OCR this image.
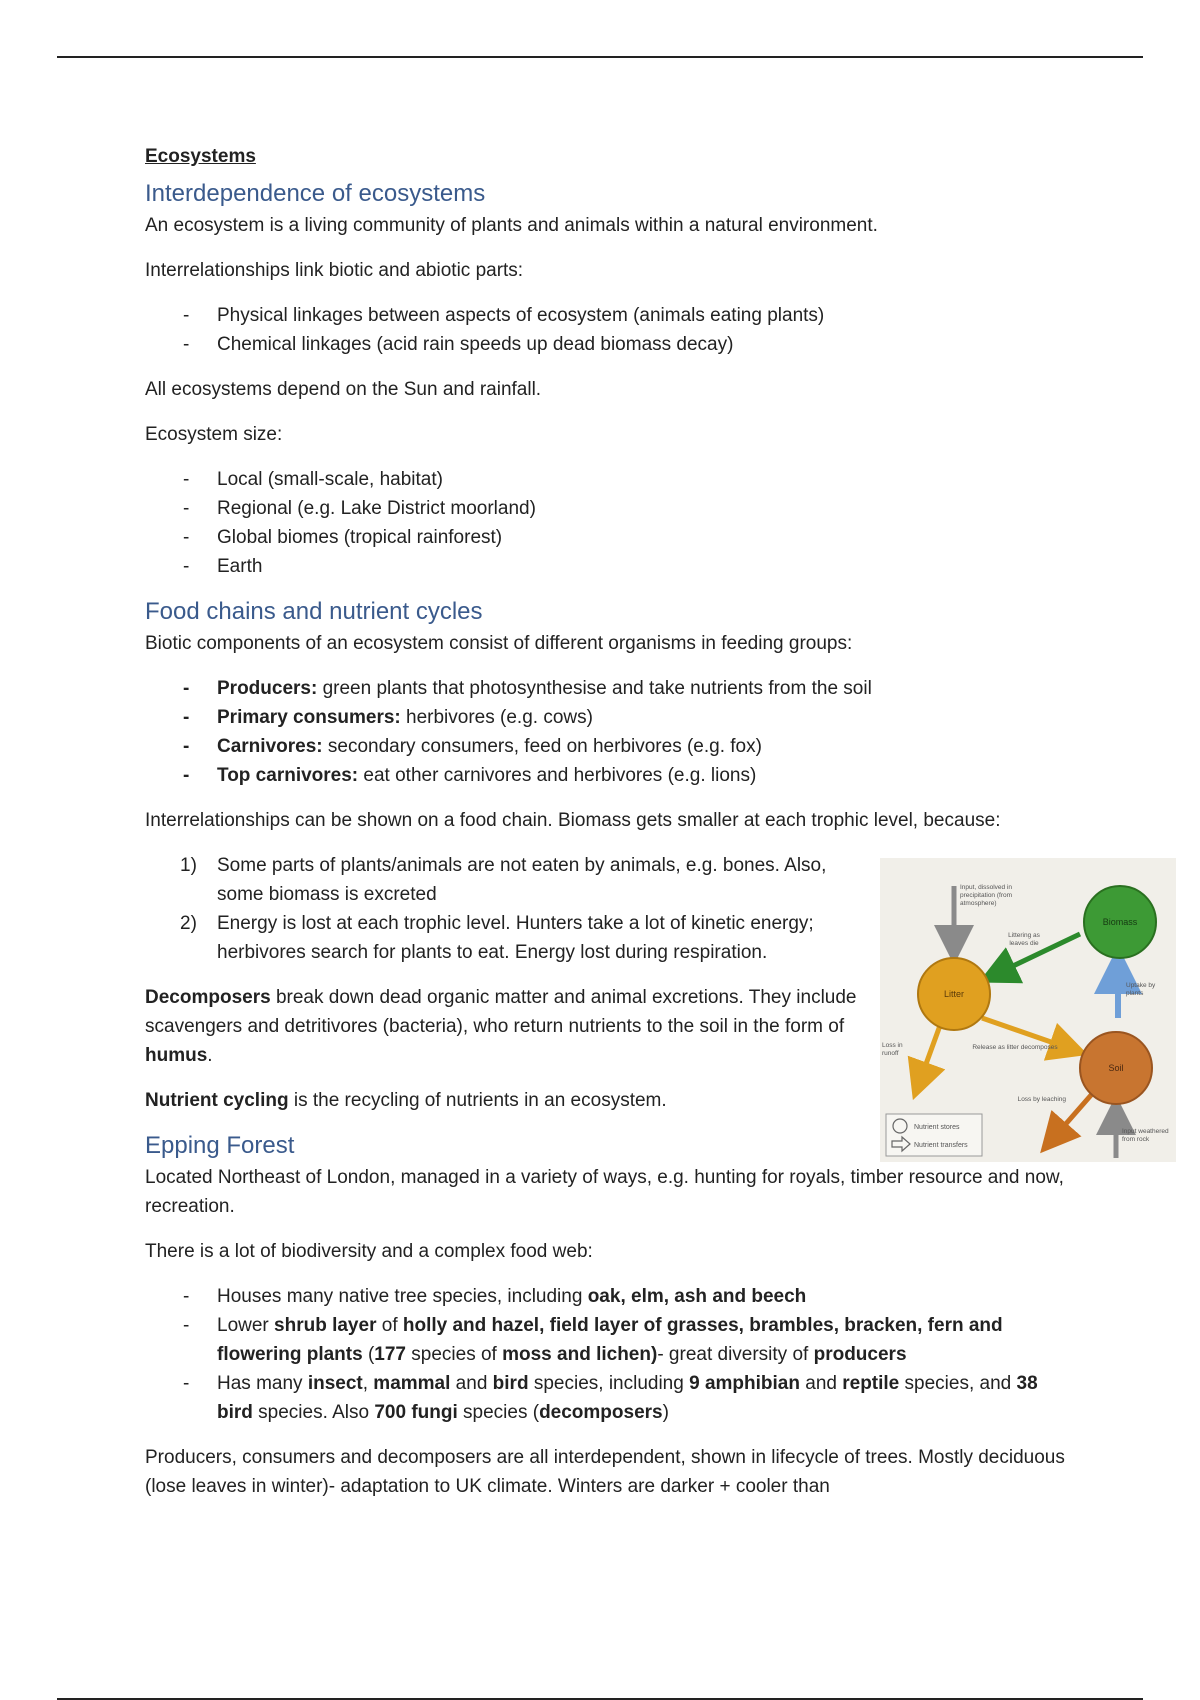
Ecosystems
Interdependence of ecosystems

An ecosystem is a living community of plants and animals within a natural environment.

Interrelationships link biotic and abiotic parts:

- Physical linkages between aspects of ecosystem (animals eating plants)
- Chemical linkages (acid rain speeds up dead biomass decay)

All ecosystems depend on the Sun and rainfall.

Ecosystem size:

- Local (small-scale, habitat)
- Regional (e.g. Lake District moorland)
- Global biomes (tropical rainforest)
- Earth
Food chains and nutrient cycles

Biotic components of an ecosystem consist of different organisms in feeding groups:

- Producers: green plants that photosynthesise and take nutrients from the soil
- Primary consumers: herbivores (e.g. cows)
- Carnivores: secondary consumers, feed on herbivores (e.g. fox)
- Top carnivores: eat other carnivores and herbivores (e.g. lions)

Interrelationships can be shown on a food chain. Biomass gets smaller at each trophic level, because:

1) Some parts of plants/animals are not eaten by animals, e.g. bones. Also, some biomass is excreted
2) Energy is lost at each trophic level. Hunters take a lot of kinetic energy; herbivores search for plants to eat. Energy lost during respiration.

Decomposers break down dead organic matter and animal excretions. They include scavengers and detritivores (bacteria), who return nutrients to the soil in the form of humus.

Nutrient cycling is the recycling of nutrients in an ecosystem.

Epping Forest

Located Northeast of London, managed in a variety of ways, e.g. hunting for royals, timber resource and now, recreation.

There is a lot of biodiversity and a complex food web:

- Houses many native tree species, including oak, elm, ash and beech
- Lower shrub layer of holly and hazel, field layer of grasses, brambles, bracken, fern and flowering plants (177 species of moss and lichen)- great diversity of producers
- Has many insect, mammal and bird species, including 9 amphibian and reptile species, and 38 bird species. Also 700 fungi species (decomposers)

Producers, consumers and decomposers are all interdependent, shown in lifecycle of trees. Mostly deciduous (lose leaves in winter)- adaptation to UK climate. Winters are darker + cooler than

Biomass
Litter
Soil
Input, dissolved in precipitation (from atmosphere)
Littering as leaves die
Uptake by plants
Loss in runoff
Release as litter decomposes
Loss by leaching
Input weathered from rock
Nutrient stores
Nutrient transfers
